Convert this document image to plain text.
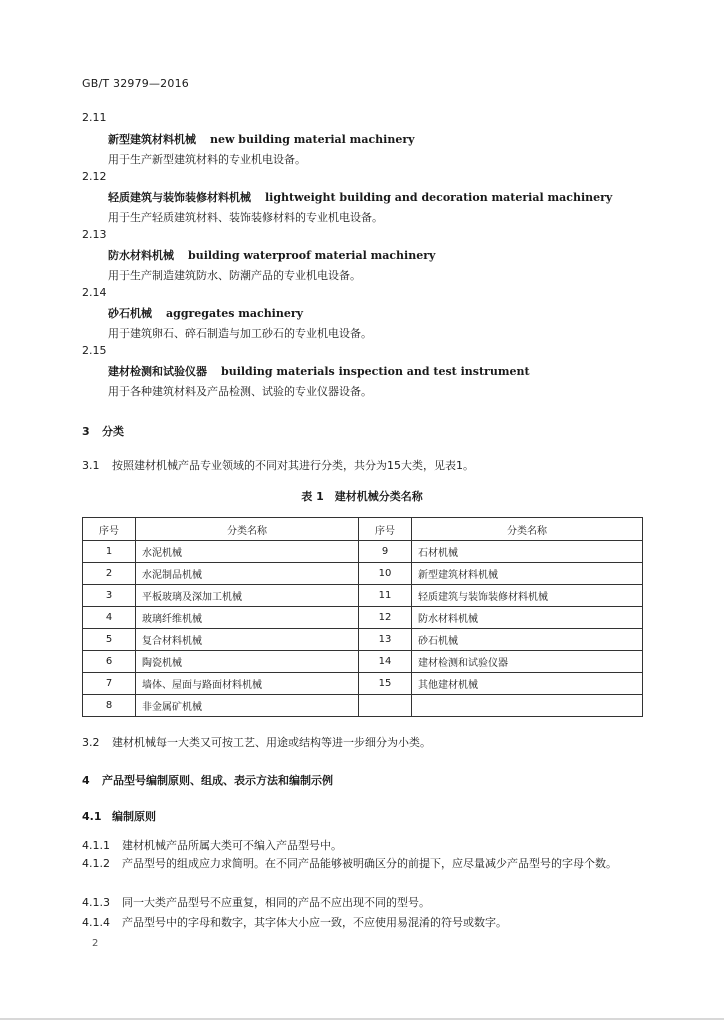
GB/T 32979—2016
2.11
新型建筑材料机械 new building material machinery
用于生产新型建筑材料的专业机电设备。
2.12
轻质建筑与装饰装修材料机械 lightweight building and decoration material machinery
用于生产轻质建筑材料、装饰装修材料的专业机电设备。
2.13
防水材料机械 building waterproof material machinery
用于生产制造建筑防水、防潮产品的专业机电设备。
2.14
砂石机械 aggregates machinery
用于建筑卵石、碎石制造与加工砂石的专业机电设备。
2.15
建材检测和试验仪器 building materials inspection and test instrument
用于各种建筑材料及产品检测、试验的专业仪器设备。
3 分类
3.1 按照建材机械产品专业领域的不同对其进行分类，共分为15大类，见表1。
表 1　建材机械分类名称
序号	分类名称	序号	分类名称
1	水泥机械	9	石材机械
2	水泥制品机械	10	新型建筑材料机械
3	平板玻璃及深加工机械	11	轻质建筑与装饰装修材料机械
4	玻璃纤维机械	12	防水材料机械
5	复合材料机械	13	砂石机械
6	陶瓷机械	14	建材检测和试验仪器
7	墙体、屋面与路面材料机械	15	其他建材机械
8	非金属矿机械		
3.2 建材机械每一大类又可按工艺、用途或结构等进一步细分为小类。
4 产品型号编制原则、组成、表示方法和编制示例
4.1 编制原则
4.1.1 建材机械产品所属大类可不编入产品型号中。
4.1.2 产品型号的组成应力求简明。在不同产品能够被明确区分的前提下，应尽量减少产品型号的字母个数。
4.1.3 同一大类产品型号不应重复，相同的产品不应出现不同的型号。
4.1.4 产品型号中的字母和数字，其字体大小应一致，不应使用易混淆的符号或数字。
2
